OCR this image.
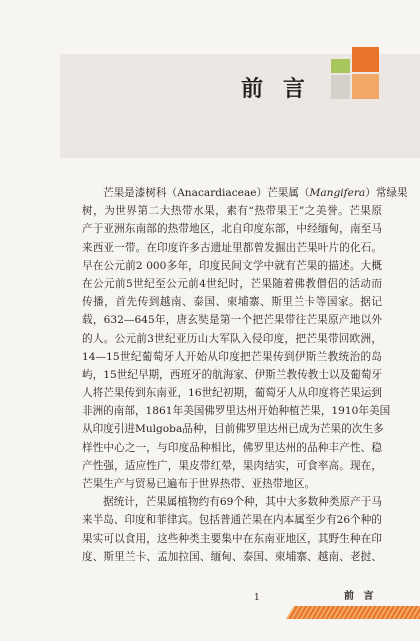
前 言
芒果是漆树科（Anacardiaceae）芒果属（Mangifera）常绿果
树，为世界第二大热带水果，素有“热带果王”之美誉。芒果原
产于亚洲东南部的热带地区，北自印度东部，中经缅甸，南至马
来西亚一带。在印度许多古遗址里都曾发掘出芒果叶片的化石。
早在公元前2 000多年，印度民间文学中就有芒果的描述。大概
在公元前5世纪至公元前4世纪时，芒果随着佛教僧侣的活动而
传播，首先传到越南、泰国、柬埔寨、斯里兰卡等国家。据记
载，632—645年，唐玄奘是第一个把芒果带往芒果原产地以外
的人。公元前3世纪亚历山大军队入侵印度，把芒果带回欧洲，
14—15世纪葡萄牙人开始从印度把芒果传到伊斯兰教统治的岛
屿，15世纪早期，西班牙的航海家、伊斯兰教传教士以及葡萄牙
人将芒果传到东南亚，16世纪初期，葡萄牙人从印度将芒果运到
非洲的南部，1861年美国佛罗里达州开始种植芒果，1910年美国
从印度引进Mulgoba品种，目前佛罗里达州已成为芒果的次生多
样性中心之一，与印度品种相比，佛罗里达州的品种丰产性、稳
产性强，适应性广，果皮带红晕，果肉结实，可食率高。现在，
芒果生产与贸易已遍布于世界热带、亚热带地区。
据统计，芒果属植物约有69个种，其中大多数种类原产于马
来半岛、印度和菲律宾。包括普通芒果在内本属至少有26个种的
果实可以食用，这些种类主要集中在东南亚地区，其野生种在印
度、斯里兰卡、孟加拉国、缅甸、泰国、柬埔寨、越南、老挝、
1	前 言
